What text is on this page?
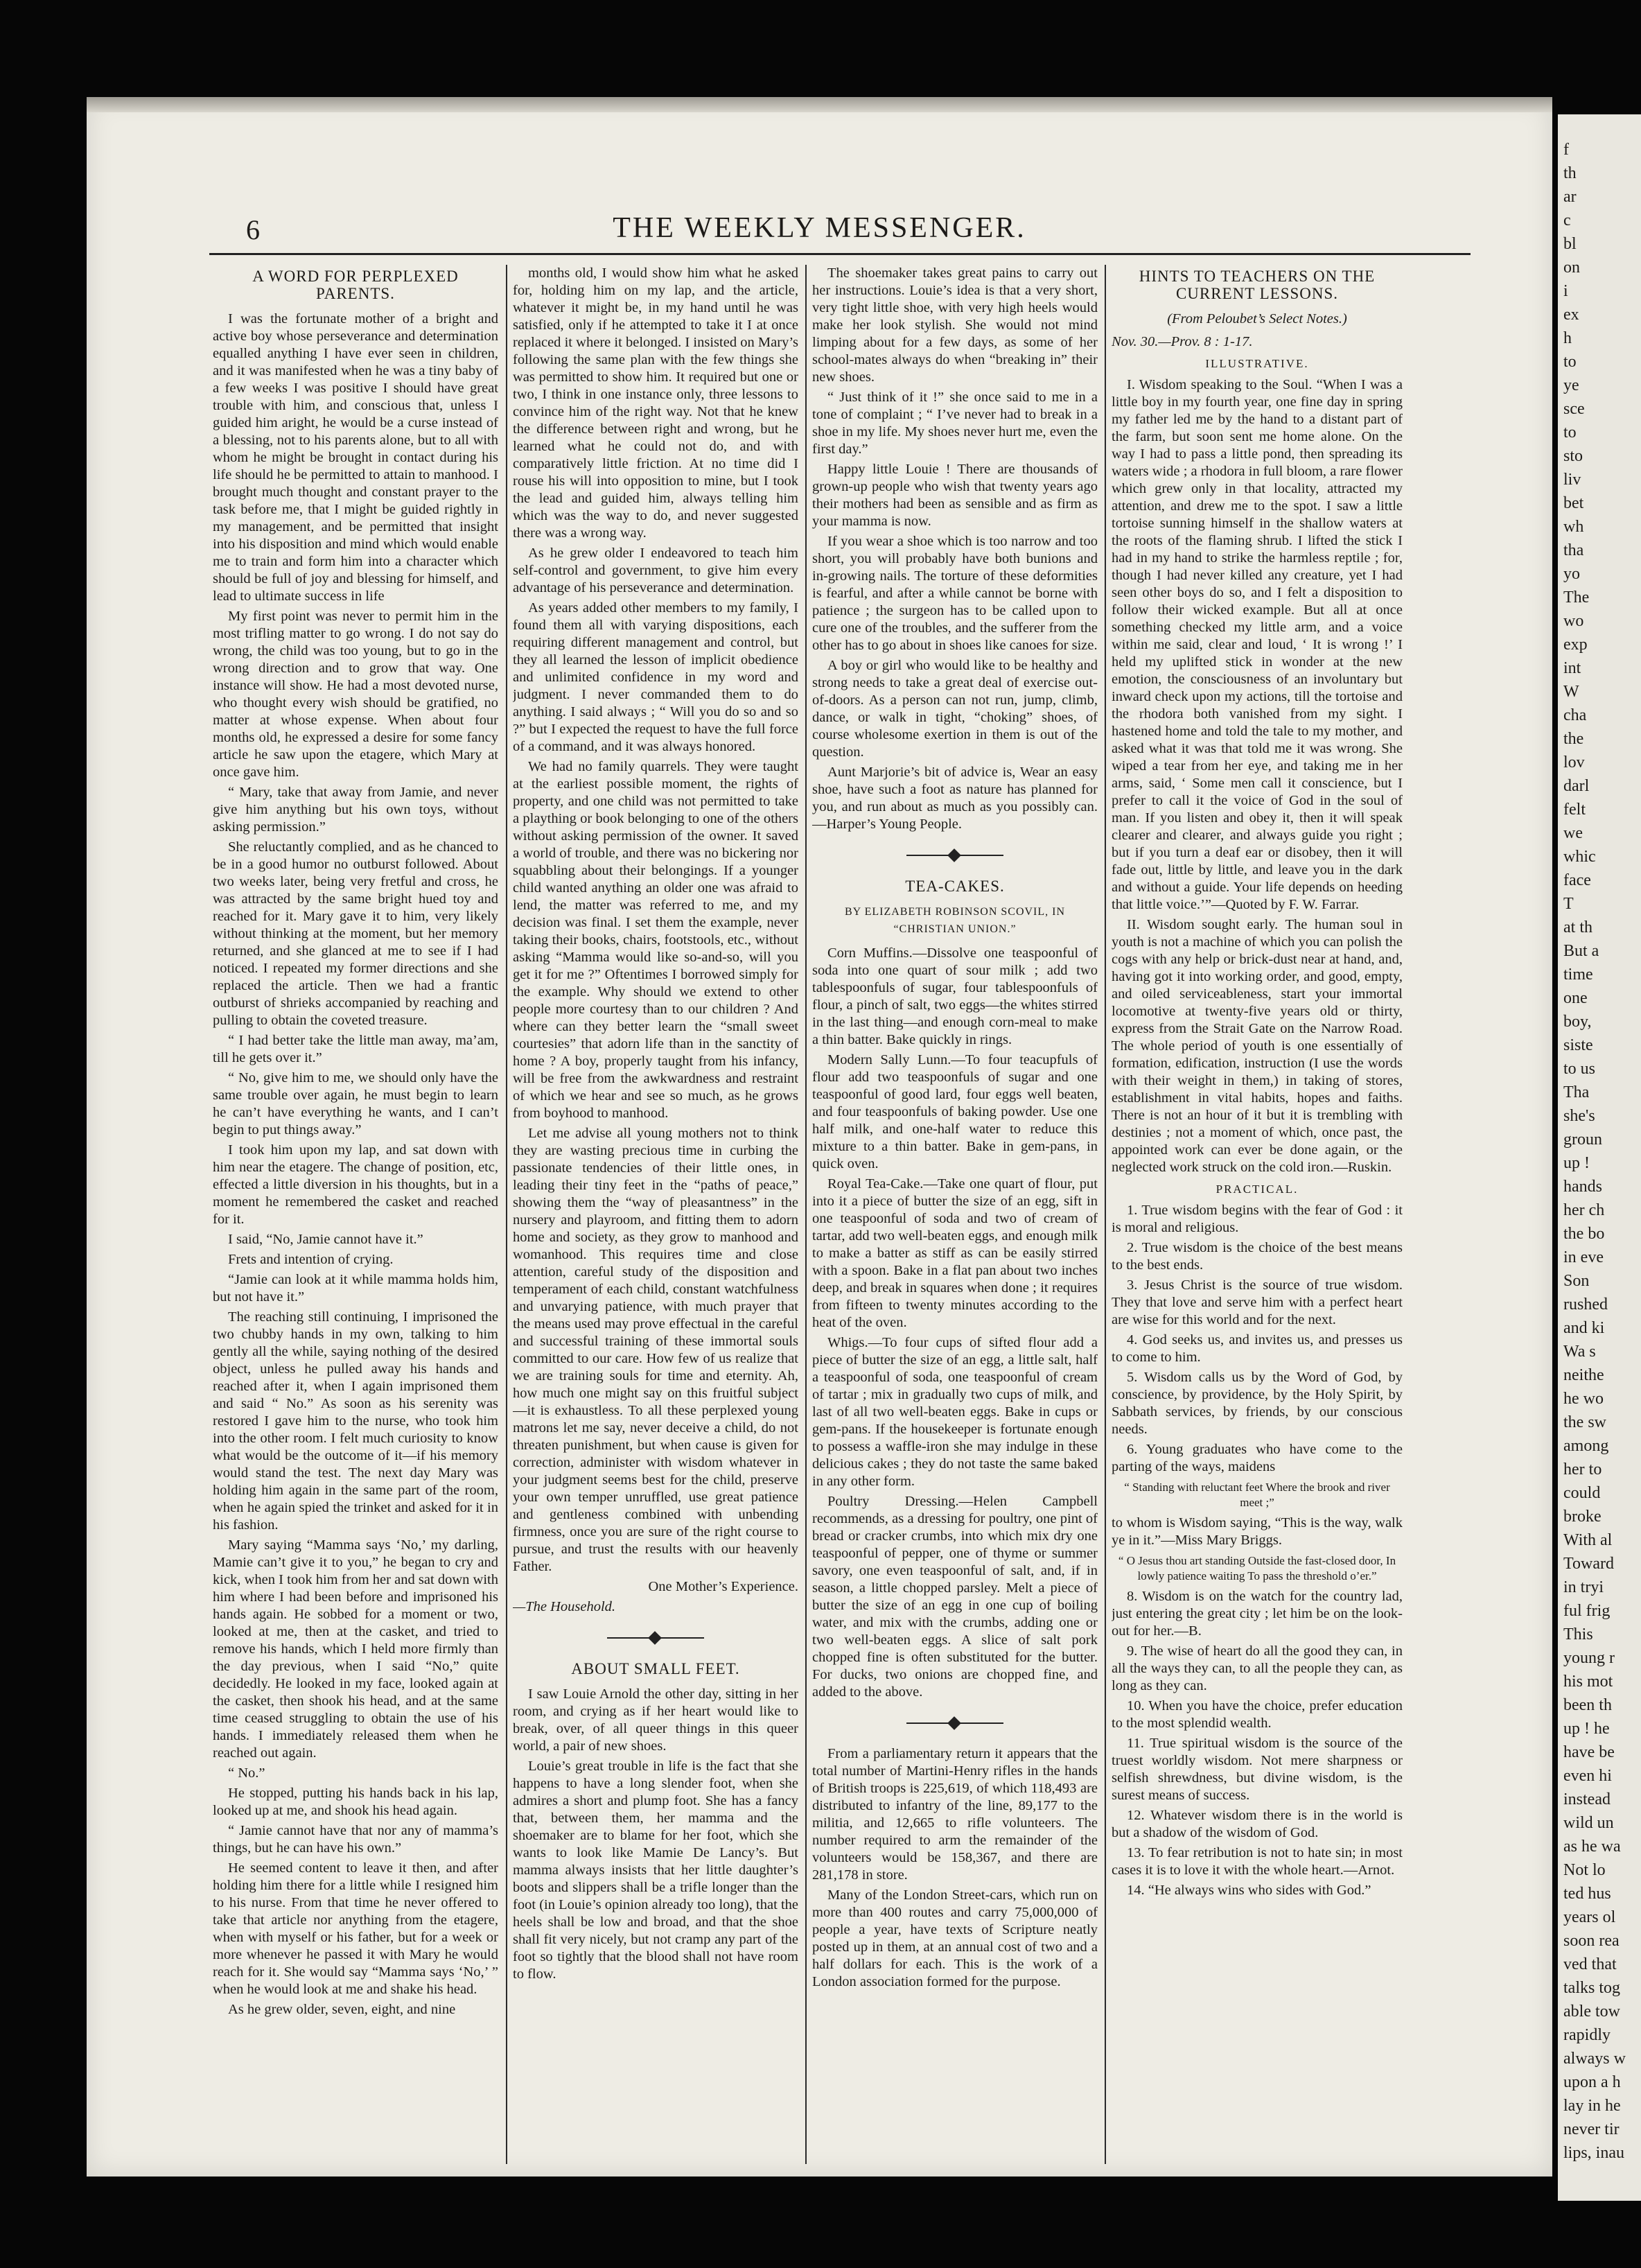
f
th
ar
c
bl
on
i
ex
h
to
ye
sce
to
sto
liv
bet
wh
tha
yo
The
wo
exp
int
W
cha
the
lov
darl
felt
we
whic
face
T
at th
But a
time
one
boy,
siste
to us
Tha
she's
groun
up !
hands
her ch
the bo
in eve
Son
rushed
and ki
Wa s
neithe
he wo
the sw
among
her to
could
broke
With al
Toward
in tryi
ful frig
This
young r
his mot
been th
up ! he
have be
even hi
instead
wild un
as he wa
Not lo
ted hus
years ol
soon rea
ved that
talks tog
able tow
rapidly
always w
upon a h
lay in he
never tir
lips, inau
6	THE WEEKLY MESSENGER.
A WORD FOR PERPLEXED PARENTS.

I was the fortunate mother of a bright and active boy whose perseverance and determination equalled anything I have ever seen in children, and it was manifested when he was a tiny baby of a few weeks I was positive I should have great trouble with him, and conscious that, unless I guided him aright, he would be a curse instead of a blessing, not to his parents alone, but to all with whom he might be brought in contact during his life should he be permitted to attain to manhood. I brought much thought and constant prayer to the task before me, that I might be guided rightly in my management, and be permitted that insight into his disposition and mind which would enable me to train and form him into a character which should be full of joy and blessing for himself, and lead to ultimate success in life

My first point was never to permit him in the most trifling matter to go wrong. I do not say do wrong, the child was too young, but to go in the wrong direction and to grow that way. One instance will show. He had a most devoted nurse, who thought every wish should be gratified, no matter at whose expense. When about four months old, he expressed a desire for some fancy article he saw upon the etagere, which Mary at once gave him.

“ Mary, take that away from Jamie, and never give him anything but his own toys, without asking permission.”

She reluctantly complied, and as he chanced to be in a good humor no outburst followed. About two weeks later, being very fretful and cross, he was attracted by the same bright hued toy and reached for it. Mary gave it to him, very likely without thinking at the moment, but her memory returned, and she glanced at me to see if I had noticed. I repeated my former directions and she replaced the article. Then we had a frantic outburst of shrieks accompanied by reaching and pulling to obtain the coveted treasure.

“ I had better take the little man away, ma’am, till he gets over it.”

“ No, give him to me, we should only have the same trouble over again, he must begin to learn he can’t have everything he wants, and I can’t begin to put things away.”

I took him upon my lap, and sat down with him near the etagere. The change of position, etc, effected a little diversion in his thoughts, but in a moment he remembered the casket and reached for it.

I said, “No, Jamie cannot have it.”

Frets and intention of crying.

“Jamie can look at it while mamma holds him, but not have it.”

The reaching still continuing, I imprisoned the two chubby hands in my own, talking to him gently all the while, saying nothing of the desired object, unless he pulled away his hands and reached after it, when I again imprisoned them and said “ No.” As soon as his serenity was restored I gave him to the nurse, who took him into the other room. I felt much curiosity to know what would be the outcome of it—if his memory would stand the test. The next day Mary was holding him again in the same part of the room, when he again spied the trinket and asked for it in his fashion.

Mary saying “Mamma says ‘No,’ my darling, Mamie can’t give it to you,” he began to cry and kick, when I took him from her and sat down with him where I had been before and imprisoned his hands again. He sobbed for a moment or two, looked at me, then at the casket, and tried to remove his hands, which I held more firmly than the day previous, when I said “No,” quite decidedly. He looked in my face, looked again at the casket, then shook his head, and at the same time ceased struggling to obtain the use of his hands. I immediately released them when he reached out again.

“ No.”

He stopped, putting his hands back in his lap, looked up at me, and shook his head again.

“ Jamie cannot have that nor any of mamma’s things, but he can have his own.”

He seemed content to leave it then, and after holding him there for a little while I resigned him to his nurse. From that time he never offered to take that article nor anything from the etagere, when with myself or his father, but for a week or more whenever he passed it with Mary he would reach for it. She would say “Mamma says ‘No,’ ” when he would look at me and shake his head.

As he grew older, seven, eight, and nine

months old, I would show him what he asked for, holding him on my lap, and the article, whatever it might be, in my hand until he was satisfied, only if he attempted to take it I at once replaced it where it belonged. I insisted on Mary’s following the same plan with the few things she was permitted to show him. It required but one or two, I think in one instance only, three lessons to convince him of the right way. Not that he knew the difference between right and wrong, but he learned what he could not do, and with comparatively little friction. At no time did I rouse his will into opposition to mine, but I took the lead and guided him, always telling him which was the way to do, and never suggested there was a wrong way.

As he grew older I endeavored to teach him self-control and government, to give him every advantage of his perseverance and determination.

As years added other members to my family, I found them all with varying dispositions, each requiring different management and control, but they all learned the lesson of implicit obedience and unlimited confidence in my word and judgment. I never commanded them to do anything. I said always ; “ Will you do so and so ?” but I expected the request to have the full force of a command, and it was always honored.

We had no family quarrels. They were taught at the earliest possible moment, the rights of property, and one child was not permitted to take a plaything or book belonging to one of the others without asking permission of the owner. It saved a world of trouble, and there was no bickering nor squabbling about their belongings. If a younger child wanted anything an older one was afraid to lend, the matter was referred to me, and my decision was final. I set them the example, never taking their books, chairs, footstools, etc., without asking “Mamma would like so-and-so, will you get it for me ?” Oftentimes I borrowed simply for the example. Why should we extend to other people more courtesy than to our children ? And where can they better learn the “small sweet courtesies” that adorn life than in the sanctity of home ? A boy, properly taught from his infancy, will be free from the awkwardness and restraint of which we hear and see so much, as he grows from boyhood to manhood.

Let me advise all young mothers not to think they are wasting precious time in curbing the passionate tendencies of their little ones, in leading their tiny feet in the “paths of peace,” showing them the “way of pleasantness” in the nursery and playroom, and fitting them to adorn home and society, as they grow to manhood and womanhood. This requires time and close attention, careful study of the disposition and temperament of each child, constant watchfulness and unvarying patience, with much prayer that the means used may prove effectual in the careful and successful training of these immortal souls committed to our care. How few of us realize that we are training souls for time and eternity. Ah, how much one might say on this fruitful subject—it is exhaustless. To all these perplexed young matrons let me say, never deceive a child, do not threaten punishment, but when cause is given for correction, administer with wisdom whatever in your judgment seems best for the child, preserve your own temper unruffled, use great patience and gentleness combined with unbending firmness, once you are sure of the right course to pursue, and trust the results with our heavenly Father.

One Mother’s Experience.

—The Household.

ABOUT SMALL FEET.

I saw Louie Arnold the other day, sitting in her room, and crying as if her heart would like to break, over, of all queer things in this queer world, a pair of new shoes.

Louie’s great trouble in life is the fact that she happens to have a long slender foot, when she admires a short and plump foot. She has a fancy that, between them, her mamma and the shoemaker are to blame for her foot, which she wants to look like Mamie De Lancy’s. But mamma always insists that her little daughter’s boots and slippers shall be a trifle longer than the foot (in Louie’s opinion already too long), that the heels shall be low and broad, and that the shoe shall fit very nicely, but not cramp any part of the foot so tightly that the blood shall not have room to flow.

The shoemaker takes great pains to carry out her instructions. Louie’s idea is that a very short, very tight little shoe, with very high heels would make her look stylish. She would not mind limping about for a few days, as some of her school-mates always do when “breaking in” their new shoes.

“ Just think of it !” she once said to me in a tone of complaint ; “ I’ve never had to break in a shoe in my life. My shoes never hurt me, even the first day.”

Happy little Louie ! There are thousands of grown-up people who wish that twenty years ago their mothers had been as sensible and as firm as your mamma is now.

If you wear a shoe which is too narrow and too short, you will probably have both bunions and in-growing nails. The torture of these deformities is fearful, and after a while cannot be borne with patience ; the surgeon has to be called upon to cure one of the troubles, and the sufferer from the other has to go about in shoes like canoes for size.

A boy or girl who would like to be healthy and strong needs to take a great deal of exercise out-of-doors. As a person can not run, jump, climb, dance, or walk in tight, “choking” shoes, of course wholesome exertion in them is out of the question.

Aunt Marjorie’s bit of advice is, Wear an easy shoe, have such a foot as nature has planned for you, and run about as much as you possibly can.—Harper’s Young People.

TEA-CAKES.
BY ELIZABETH ROBINSON SCOVIL, IN “CHRISTIAN UNION.”

Corn Muffins.—Dissolve one teaspoonful of soda into one quart of sour milk ; add two tablespoonfuls of sugar, four tablespoonfuls of flour, a pinch of salt, two eggs—the whites stirred in the last thing—and enough corn-meal to make a thin batter. Bake quickly in rings.

Modern Sally Lunn.—To four teacupfuls of flour add two teaspoonfuls of sugar and one teaspoonful of good lard, four eggs well beaten, and four teaspoonfuls of baking powder. Use one half milk, and one-half water to reduce this mixture to a thin batter. Bake in gem-pans, in quick oven.

Royal Tea-Cake.—Take one quart of flour, put into it a piece of butter the size of an egg, sift in one teaspoonful of soda and two of cream of tartar, add two well-beaten eggs, and enough milk to make a batter as stiff as can be easily stirred with a spoon. Bake in a flat pan about two inches deep, and break in squares when done ; it requires from fifteen to twenty minutes according to the heat of the oven.

Whigs.—To four cups of sifted flour add a piece of butter the size of an egg, a little salt, half a teaspoonful of soda, one teaspoonful of cream of tartar ; mix in gradually two cups of milk, and last of all two well-beaten eggs. Bake in cups or gem-pans. If the housekeeper is fortunate enough to possess a waffle-iron she may indulge in these delicious cakes ; they do not taste the same baked in any other form.

Poultry Dressing.—Helen Campbell recommends, as a dressing for poultry, one pint of bread or cracker crumbs, into which mix dry one teaspoonful of pepper, one of thyme or summer savory, one even teaspoonful of salt, and, if in season, a little chopped parsley. Melt a piece of butter the size of an egg in one cup of boiling water, and mix with the crumbs, adding one or two well-beaten eggs. A slice of salt pork chopped fine is often substituted for the butter. For ducks, two onions are chopped fine, and added to the above.

From a parliamentary return it appears that the total number of Martini-Henry rifles in the hands of British troops is 225,619, of which 118,493 are distributed to infantry of the line, 89,177 to the militia, and 12,665 to rifle volunteers. The number required to arm the remainder of the volunteers would be 158,367, and there are 281,178 in store.

Many of the London Street-cars, which run on more than 400 routes and carry 75,000,000 of people a year, have texts of Scripture neatly posted up in them, at an annual cost of two and a half dollars for each. This is the work of a London association formed for the purpose.

HINTS TO TEACHERS ON THE CURRENT LESSONS.
(From Peloubet’s Select Notes.)

Nov. 30.—Prov. 8 : 1-17.

ILLUSTRATIVE.

I. Wisdom speaking to the Soul. “When I was a little boy in my fourth year, one fine day in spring my father led me by the hand to a distant part of the farm, but soon sent me home alone. On the way I had to pass a little pond, then spreading its waters wide ; a rhodora in full bloom, a rare flower which grew only in that locality, attracted my attention, and drew me to the spot. I saw a little tortoise sunning himself in the shallow waters at the roots of the flaming shrub. I lifted the stick I had in my hand to strike the harmless reptile ; for, though I had never killed any creature, yet I had seen other boys do so, and I felt a disposition to follow their wicked example. But all at once something checked my little arm, and a voice within me said, clear and loud, ‘ It is wrong !’ I held my uplifted stick in wonder at the new emotion, the consciousness of an involuntary but inward check upon my actions, till the tortoise and the rhodora both vanished from my sight. I hastened home and told the tale to my mother, and asked what it was that told me it was wrong. She wiped a tear from her eye, and taking me in her arms, said, ‘ Some men call it conscience, but I prefer to call it the voice of God in the soul of man. If you listen and obey it, then it will speak clearer and clearer, and always guide you right ; but if you turn a deaf ear or disobey, then it will fade out, little by little, and leave you in the dark and without a guide. Your life depends on heeding that little voice.’”—Quoted by F. W. Farrar.

II. Wisdom sought early. The human soul in youth is not a machine of which you can polish the cogs with any help or brick-dust near at hand, and, having got it into working order, and good, empty, and oiled serviceableness, start your immortal locomotive at twenty-five years old or thirty, express from the Strait Gate on the Narrow Road. The whole period of youth is one essentially of formation, edification, instruction (I use the words with their weight in them,) in taking of stores, establishment in vital habits, hopes and faiths. There is not an hour of it but it is trembling with destinies ; not a moment of which, once past, the appointed work can ever be done again, or the neglected work struck on the cold iron.—Ruskin.

PRACTICAL.

1. True wisdom begins with the fear of God : it is moral and religious.

2. True wisdom is the choice of the best means to the best ends.

3. Jesus Christ is the source of true wisdom. They that love and serve him with a perfect heart are wise for this world and for the next.

4. God seeks us, and invites us, and presses us to come to him.

5. Wisdom calls us by the Word of God, by conscience, by providence, by the Holy Spirit, by Sabbath services, by friends, by our conscious needs.

6. Young graduates who have come to the parting of the ways, maidens

“ Standing with reluctant feet Where the brook and river meet ;”

to whom is Wisdom saying, “This is the way, walk ye in it.”—Miss Mary Briggs.

“ O Jesus thou art standing Outside the fast-closed door, In lowly patience waiting To pass the threshold o’er.”

8. Wisdom is on the watch for the country lad, just entering the great city ; let him be on the look-out for her.—B.

9. The wise of heart do all the good they can, in all the ways they can, to all the people they can, as long as they can.

10. When you have the choice, prefer education to the most splendid wealth.

11. True spiritual wisdom is the source of the truest worldly wisdom. Not mere sharpness or selfish shrewdness, but divine wisdom, is the surest means of success.

12. Whatever wisdom there is in the world is but a shadow of the wisdom of God.

13. To fear retribution is not to hate sin; in most cases it is to love it with the whole heart.—Arnot.

14. “He always wins who sides with God.”
